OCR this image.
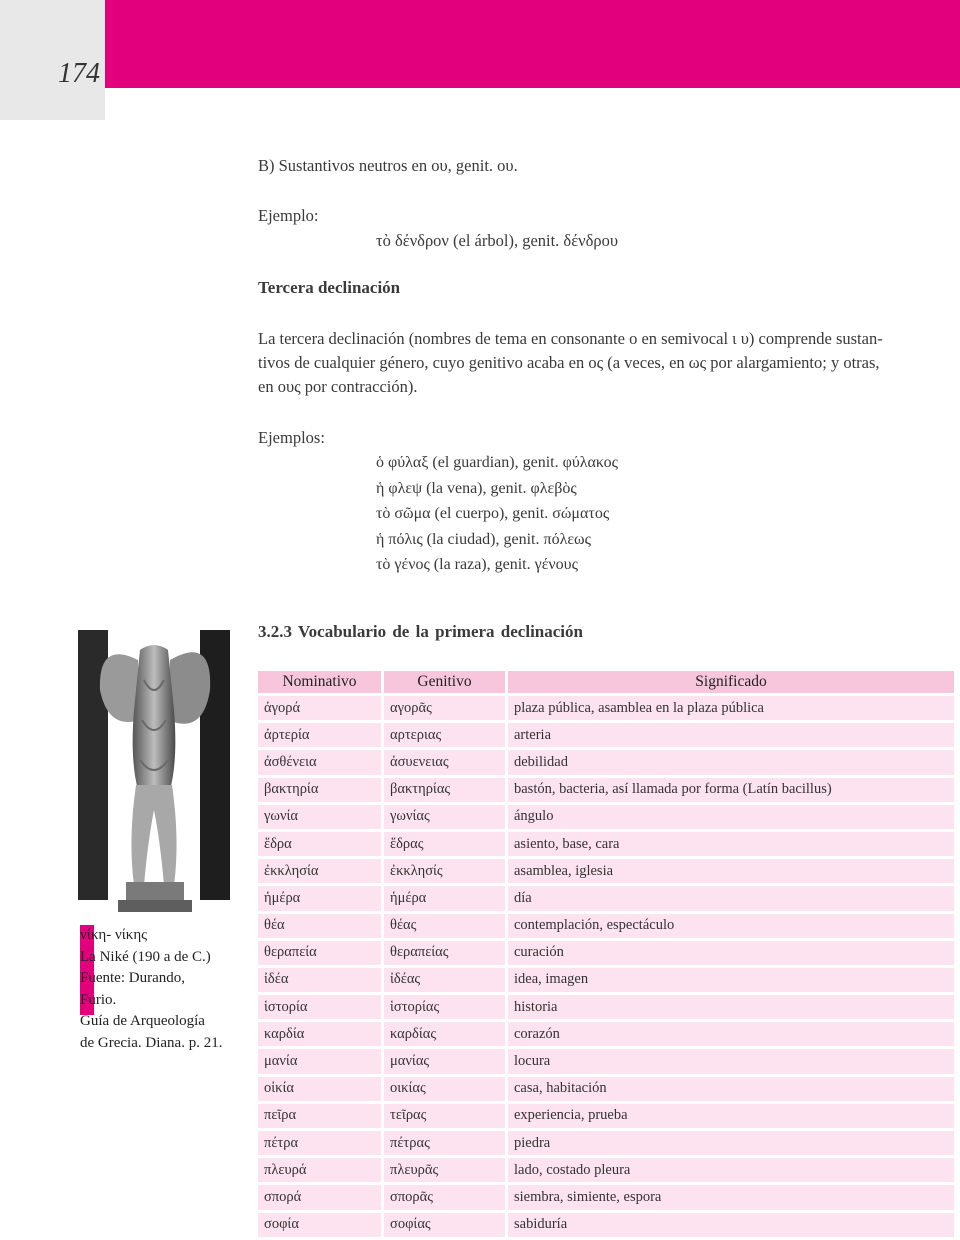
174 UNIDAD III

B) Sustantivos neutros en ου, genit. ου.

Ejemplo:

τὸ δένδρον (el árbol), genit. δένδρου

Tercera declinación

La tercera declinación (nombres de tema en consonante o en semivocal ι υ) comprende sustan-

tivos de cualquier género, cuyo genitivo acaba en ος (a veces, en ως por alargamiento; y otras,

en ους por contracción).

Ejemplos:

ὁ φύλαξ (el guardian), genit. φύλακος
ἡ φλεψ (la vena), genit. φλεβὸς
τὸ σῶμα (el cuerpo), genit. σώματος
ἡ πόλις (la ciudad), genit. πόλεως
τὸ γένος (la raza), genit. γένους

3.2.3 Vocabulario de la primera declinación

νίκη- νίκης
La Niké (190 a de C.)
Fuente: Durando,
Furio.
Guía de Arqueología
de Grecia. Diana. p. 21.
Nominativo	Genitivo	Significado
ἀγορά	αγορᾶς	plaza pública, asamblea en la plaza pública
ἀρτερία	αρτεριας	arteria
ἀσθένεια	ἀσυενειας	debilidad
βακτηρία	βακτηρίας	bastón, bacteria, así llamada por forma (Latín bacillus)
γωνία	γωνίας	ángulo
ἕδρα	ἕδρας	asiento, base, cara
ἐκκλησία	ἐκκλησίς	asamblea, iglesia
ἡμέρα	ἡμέρα	día
θέα	θέας	contemplación, espectáculo
θεραπεία	θεραπείας	curación
ἰδέα	ἰδέας	idea, imagen
ἱστορία	ἱστορίας	historia
καρδία	καρδίας	corazón
μανία	μανίας	locura
οἰκία	οικίας	casa, habitación
πεῖρα	τεῖρας	experiencia, prueba
πέτρα	πέτρας	piedra
πλευρά	πλευρᾶς	lado, costado pleura
σπορά	σπορᾶς	siembra, simiente, espora
σοφία	σοφίας	sabiduría
